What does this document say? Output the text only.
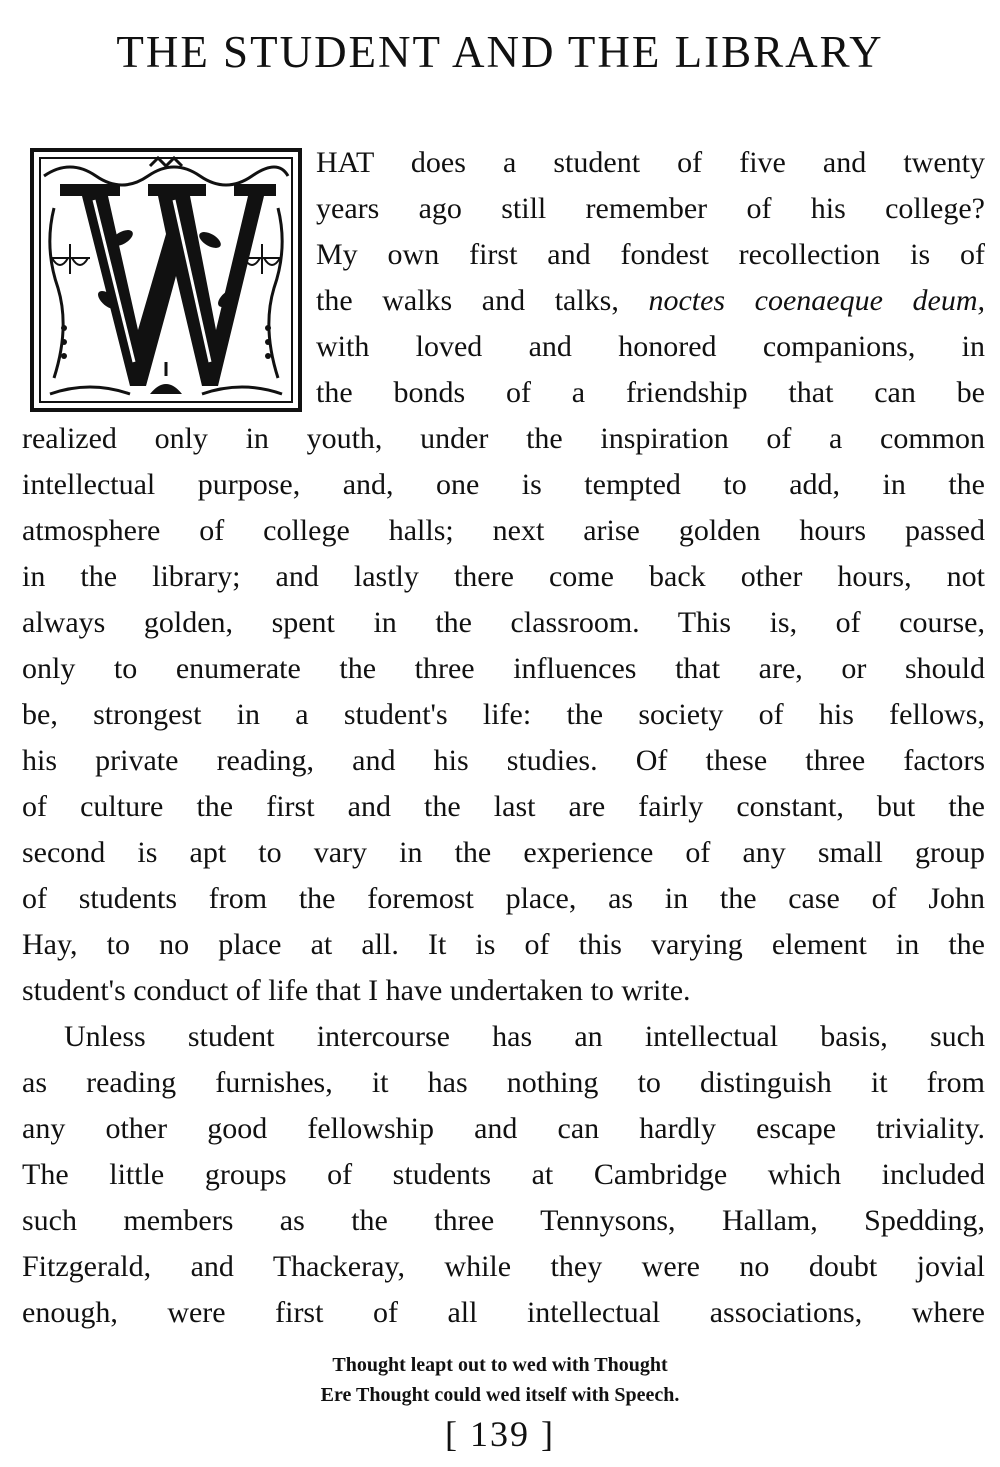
THE STUDENT AND THE LIBRARY
HAT does a student of five and twenty
years ago still remember of his college?
My own first and fondest recollection is of
the walks and talks, noctes coenaeque deum,
with loved and honored companions, in
the bonds of a friendship that can be
realized only in youth, under the inspiration of a common
intellectual purpose, and, one is tempted to add, in the
atmosphere of college halls; next arise golden hours passed
in the library; and lastly there come back other hours, not
always golden, spent in the classroom. This is, of course,
only to enumerate the three influences that are, or should
be, strongest in a student's life: the society of his fellows,
his private reading, and his studies. Of these three factors
of culture the first and the last are fairly constant, but the
second is apt to vary in the experience of any small group
of students from the foremost place, as in the case of John
Hay, to no place at all. It is of this varying element in the
student's conduct of life that I have undertaken to write.
Unless student intercourse has an intellectual basis, such
as reading furnishes, it has nothing to distinguish it from
any other good fellowship and can hardly escape triviality.
The little groups of students at Cambridge which included
such members as the three Tennysons, Hallam, Spedding,
Fitzgerald, and Thackeray, while they were no doubt jovial
enough, were first of all intellectual associations, where
Thought leapt out to wed with Thought
Ere Thought could wed itself with Speech.
[ 139 ]
